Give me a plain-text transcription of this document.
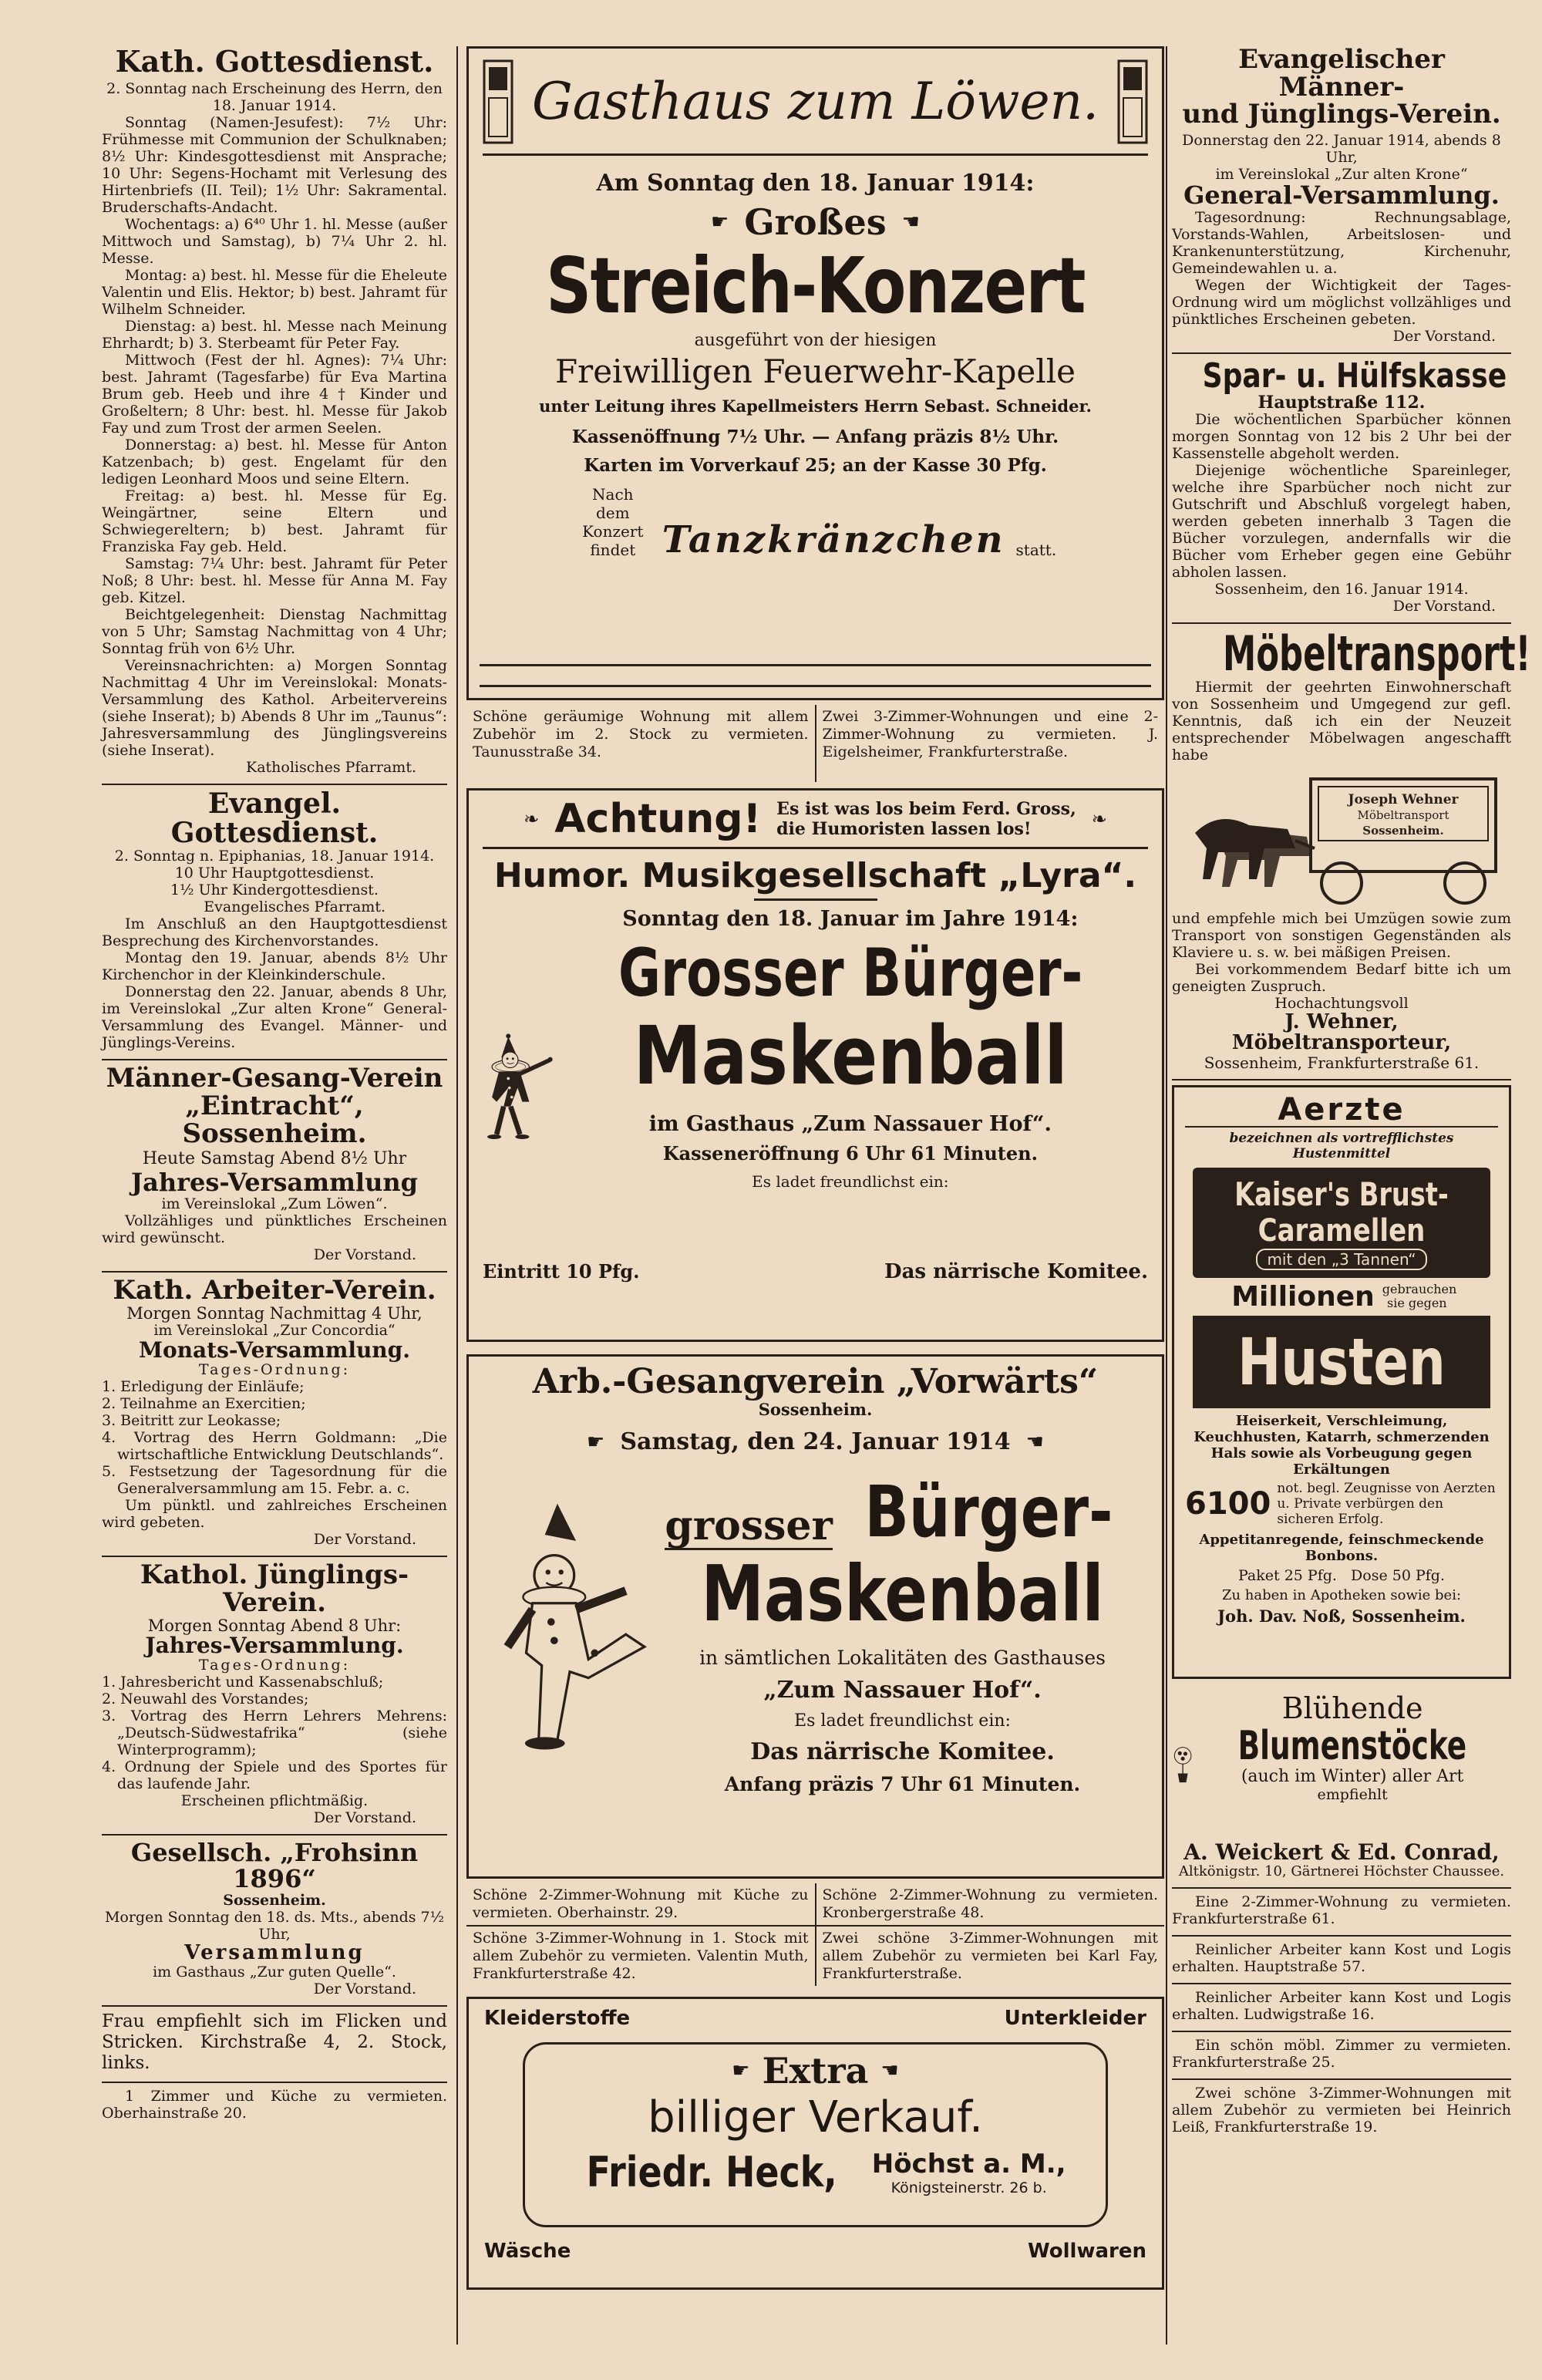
Kath. Gottesdienst.

2. Sonntag nach Erscheinung des Herrn, den 18. Januar 1914.

Sonntag (Namen-Jesufest): 7½ Uhr: Frühmesse mit Communion der Schulknaben; 8½ Uhr: Kindesgottesdienst mit Ansprache; 10 Uhr: Segens-Hochamt mit Verlesung des Hirtenbriefs (II. Teil); 1½ Uhr: Sakramental. Bruderschafts-Andacht.

Wochentags: a) 6⁴⁰ Uhr 1. hl. Messe (außer Mittwoch und Samstag), b) 7¼ Uhr 2. hl. Messe.

Montag: a) best. hl. Messe für die Eheleute Valentin und Elis. Hektor; b) best. Jahramt für Wilhelm Schneider.

Dienstag: a) best. hl. Messe nach Meinung Ehrhardt; b) 3. Sterbeamt für Peter Fay.

Mittwoch (Fest der hl. Agnes): 7¼ Uhr: best. Jahramt (Tagesfarbe) für Eva Martina Brum geb. Heeb und ihre 4 † Kinder und Großeltern; 8 Uhr: best. hl. Messe für Jakob Fay und zum Trost der armen Seelen.

Donnerstag: a) best. hl. Messe für Anton Katzenbach; b) gest. Engelamt für den ledigen Leonhard Moos und seine Eltern.

Freitag: a) best. hl. Messe für Eg. Weingärtner, seine Eltern und Schwiegereltern; b) best. Jahramt für Franziska Fay geb. Held.

Samstag: 7¼ Uhr: best. Jahramt für Peter Noß; 8 Uhr: best. hl. Messe für Anna M. Fay geb. Kitzel.

Beichtgelegenheit: Dienstag Nachmittag von 5 Uhr; Samstag Nachmittag von 4 Uhr; Sonntag früh von 6½ Uhr.

Vereinsnachrichten: a) Morgen Sonntag Nachmittag 4 Uhr im Vereinslokal: Monats-Versammlung des Kathol. Arbeitervereins (siehe Inserat); b) Abends 8 Uhr im „Taunus“: Jahresversammlung des Jünglingsvereins (siehe Inserat).

Katholisches Pfarramt.

Evangel. Gottesdienst.

2. Sonntag n. Epiphanias, 18. Januar 1914.

10 Uhr Hauptgottesdienst.

1½ Uhr Kindergottesdienst.

Evangelisches Pfarramt.

Im Anschluß an den Hauptgottesdienst Besprechung des Kirchenvorstandes.

Montag den 19. Januar, abends 8½ Uhr Kirchenchor in der Kleinkinderschule.

Donnerstag den 22. Januar, abends 8 Uhr, im Vereinslokal „Zur alten Krone“ General-Versammlung des Evangel. Männer- und Jünglings-Vereins.

Männer-Gesang-Verein
„Eintracht“, Sossenheim.

Heute Samstag Abend 8½ Uhr

Jahres-Versammlung

im Vereinslokal „Zum Löwen“.

Vollzähliges und pünktliches Erscheinen wird gewünscht.

Der Vorstand.

Kath. Arbeiter-Verein.

Morgen Sonntag Nachmittag 4 Uhr,

im Vereinslokal „Zur Concordia“

Monats-Versammlung.

Tages-Ordnung:

1. Erledigung der Einläufe;

2. Teilnahme an Exercitien;

3. Beitritt zur Leokasse;

4. Vortrag des Herrn Goldmann: „Die wirtschaftliche Entwicklung Deutschlands“.

5. Festsetzung der Tagesordnung für die Generalversammlung am 15. Febr. a. c.

Um pünktl. und zahlreiches Erscheinen wird gebeten.

Der Vorstand.

Kathol. Jünglings-Verein.

Morgen Sonntag Abend 8 Uhr:

Jahres-Versammlung.

Tages-Ordnung:

1. Jahresbericht und Kassenabschluß;

2. Neuwahl des Vorstandes;

3. Vortrag des Herrn Lehrers Mehrens: „Deutsch-Südwestafrika“ (siehe Winterprogramm);

4. Ordnung der Spiele und des Sportes für das laufende Jahr.

Erscheinen pflichtmäßig.

Der Vorstand.

Gesellsch. „Frohsinn 1896“

Sossenheim.

Morgen Sonntag den 18. ds. Mts., abends 7½ Uhr,

Versammlung

im Gasthaus „Zur guten Quelle“.

Der Vorstand.

Frau empfiehlt sich im Flicken und Stricken. Kirchstraße 4, 2. Stock, links.

1 Zimmer und Küche zu vermieten. Oberhainstraße 20.

Gasthaus zum Löwen.
Am Sonntag den 18. Januar 1914:
☛ Großes ☚
Streich-Konzert

ausgeführt von der hiesigen

Freiwilligen Feuerwehr-Kapelle

unter Leitung ihres Kapellmeisters Herrn Sebast. Schneider.

Kassenöffnung 7½ Uhr. — Anfang präzis 8½ Uhr.

Karten im Vorverkauf 25; an der Kasse 30 Pfg.

Nach dem Konzert findet Tanzkränzchen statt.
Schöne geräumige Wohnung mit allem Zubehör im 2. Stock zu vermieten. Taunusstraße 34.
Zwei 3-Zimmer-Wohnungen und eine 2-Zimmer-Wohnung zu vermieten. J. Eigelsheimer, Frankfurterstraße.
❧ Achtung! Es ist was los beim Ferd. Gross,
die Humoristen lassen los!	❧
Humor. Musikgesellschaft „Lyra“.
Sonntag den 18. Januar im Jahre 1914:
Grosser Bürger-
Maskenball
im Gasthaus „Zum Nassauer Hof“.
Kasseneröffnung 6 Uhr 61 Minuten.
Es ladet freundlichst ein:
Eintritt 10 Pfg.	Das närrische Komitee.
Arb.-Gesangverein „Vorwärts“
Sossenheim.
☛ Samstag, den 24. Januar 1914 ☚
grosser Bürger-
Maskenball
in sämtlichen Lokalitäten des Gasthauses
„Zum Nassauer Hof“.
Es ladet freundlichst ein:
Das närrische Komitee.
Anfang präzis 7 Uhr 61 Minuten.
Schöne 2-Zimmer-Wohnung mit Küche zu vermieten. Oberhainstr. 29.
Schöne 2-Zimmer-Wohnung zu vermieten. Kronbergerstraße 48.
Schöne 3-Zimmer-Wohnung in 1. Stock mit allem Zubehör zu vermieten. Valentin Muth, Frankfurterstraße 42.
Zwei schöne 3-Zimmer-Wohnungen mit allem Zubehör zu vermieten bei Karl Fay, Frankfurterstraße.
Kleiderstoffe	Unterkleider
☛ Extra ☚
billiger Verkauf.
Friedr. Heck, Höchst a. M.,
Königsteinerstr. 26 b.
Wäsche	Wollwaren
Evangelischer Männer-
und Jünglings-Verein.

Donnerstag den 22. Januar 1914, abends 8 Uhr,

im Vereinslokal „Zur alten Krone“

General-Versammlung.

Tagesordnung: Rechnungsablage, Vorstands-Wahlen, Arbeitslosen- und Krankenunterstützung, Kirchenuhr, Gemeindewahlen u. a.

Wegen der Wichtigkeit der Tages-Ordnung wird um möglichst vollzähliges und pünktliches Erscheinen gebeten.

Der Vorstand.

Spar- u. Hülfskasse

Hauptstraße 112.

Die wöchentlichen Sparbücher können morgen Sonntag von 12 bis 2 Uhr bei der Kassenstelle abgeholt werden.

Diejenige wöchentliche Spareinleger, welche ihre Sparbücher noch nicht zur Gutschrift und Abschluß vorgelegt haben, werden gebeten innerhalb 3 Tagen die Bücher vorzulegen, andernfalls wir die Bücher vom Erheber gegen eine Gebühr abholen lassen.

Sossenheim, den 16. Januar 1914.

Der Vorstand.

Möbeltransport!

Hiermit der geehrten Einwohnerschaft von Sossenheim und Umgegend zur gefl. Kenntnis, daß ich ein der Neuzeit entsprechender Möbelwagen angeschafft habe

Joseph Wehner
Möbeltransport
Sossenheim.

und empfehle mich bei Umzügen sowie zum Transport von sonstigen Gegenständen als Klaviere u. s. w. bei mäßigen Preisen.

Bei vorkommendem Bedarf bitte ich um geneigten Zuspruch.

Hochachtungsvoll

J. Wehner, Möbeltransporteur,

Sossenheim, Frankfurterstraße 61.

Aerzte

bezeichnen als vortrefflichstes Hustenmittel

Kaiser's Brust-
Caramellen
mit den „3 Tannen“
Millionen gebrauchen sie gegen
Husten

Heiserkeit, Verschleimung, Keuchhusten, Katarrh, schmerzenden Hals sowie als Vorbeugung gegen Erkältungen

6100 not. begl. Zeugnisse von Aerzten u. Private verbürgen den sicheren Erfolg.

Appetitanregende, feinschmeckende Bonbons.

Paket 25 Pfg.   Dose 50 Pfg.

Zu haben in Apotheken sowie bei:

Joh. Dav. Noß, Sossenheim.

Blühende
Blumenstöcke
(auch im Winter) aller Art
empfiehlt
A. Weickert & Ed. Conrad,

Altkönigstr. 10, Gärtnerei Höchster Chaussee.

Eine 2-Zimmer-Wohnung zu vermieten. Frankfurterstraße 61.

Reinlicher Arbeiter kann Kost und Logis erhalten. Hauptstraße 57.

Reinlicher Arbeiter kann Kost und Logis erhalten. Ludwigstraße 16.

Ein schön möbl. Zimmer zu vermieten. Frankfurterstraße 25.

Zwei schöne 3-Zimmer-Wohnungen mit allem Zubehör zu vermieten bei Heinrich Leiß, Frankfurterstraße 19.
